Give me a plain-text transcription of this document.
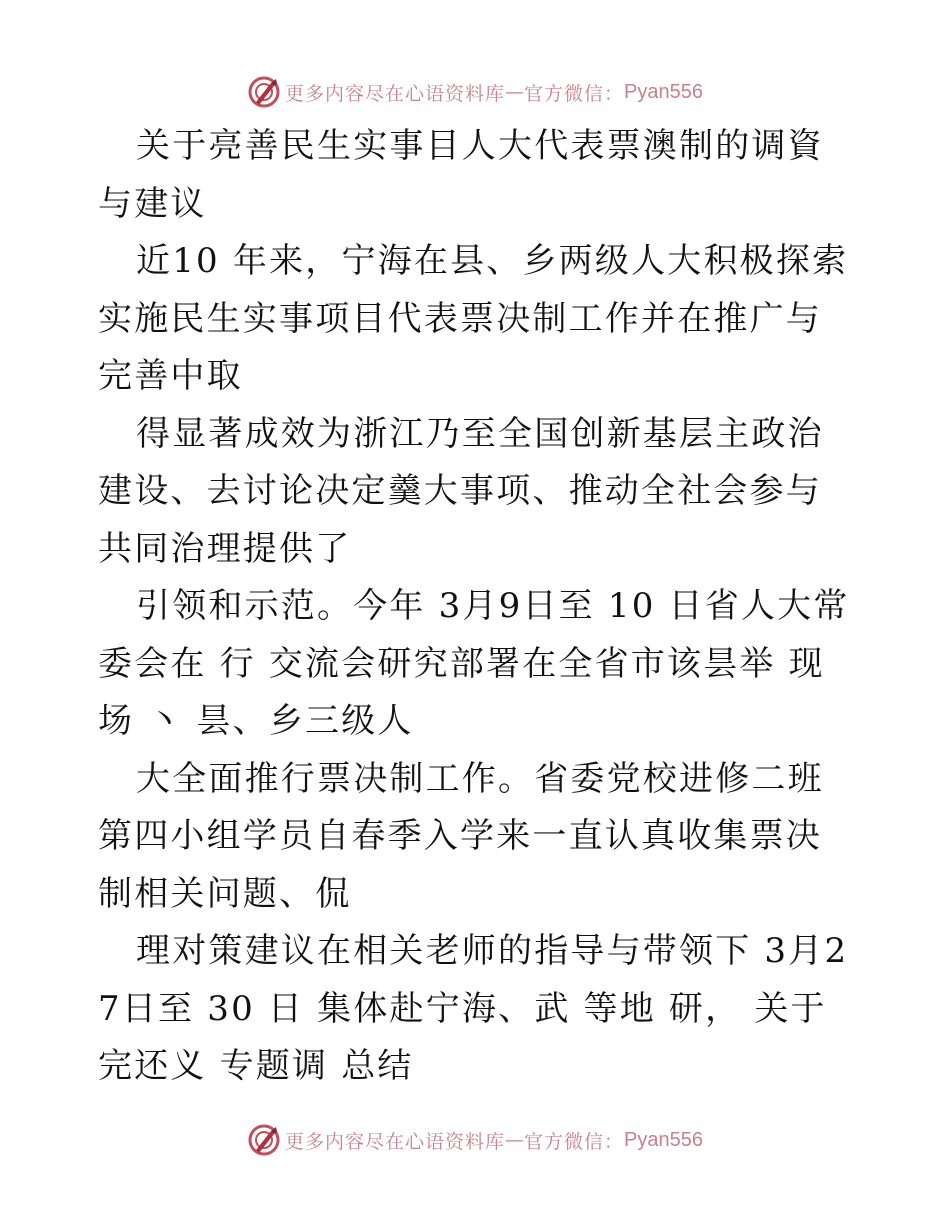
更多内容尽在心语资料库 — 官方微信： Pyan556

关于亮善民生实事目人大代表票澳制的调資与建议

近10 年来，宁海在县、乡两级人大积极探索实施民生实事项目代表票决制工作并在推广与完善中取

得显著成效为浙江乃至全国创新基层主政治建设、去讨论决定羹大事项、推动全社会参与共同治理提供了

引领和示范。今年 3月9日至 10 日省人大常委会在 行 交流会研究部署在全省市该昙举 现场 丶 昙、乡三级人

大全面推行票决制工作。省委党校进修二班第四小组学员自春季入学来一直认真收集票决制相关问题、侃

理对策建议在相关老师的指导与带领下 3月27日至 30 日 集体赴宁海、武 等地 研， 关于完还义 专题调 总结

更多内容尽在心语资料库 — 官方微信： Pyan556
